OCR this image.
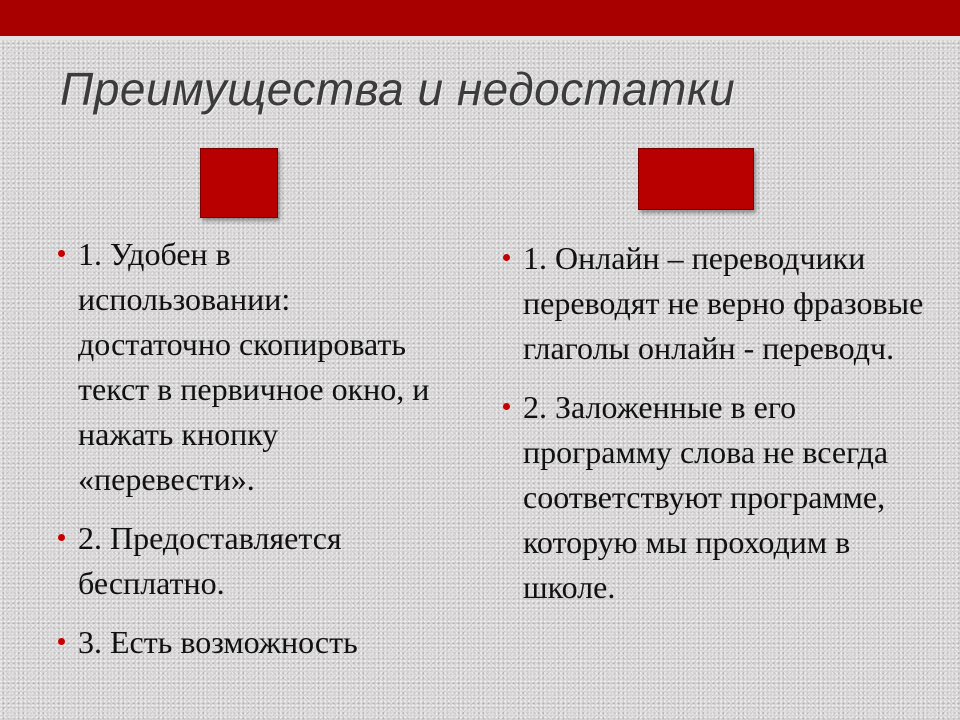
Преимущества и недостатки
1. Удобен в использовании: достаточно скопировать текст в первичное окно, и нажать кнопку «перевести».
2. Предоставляется бесплатно.
3. Есть возможность
1. Онлайн – переводчики переводят не верно фразовые глаголы онлайн - переводч.
2. Заложенные в его программу слова не всегда соответствуют программе, которую мы проходим в школе.
